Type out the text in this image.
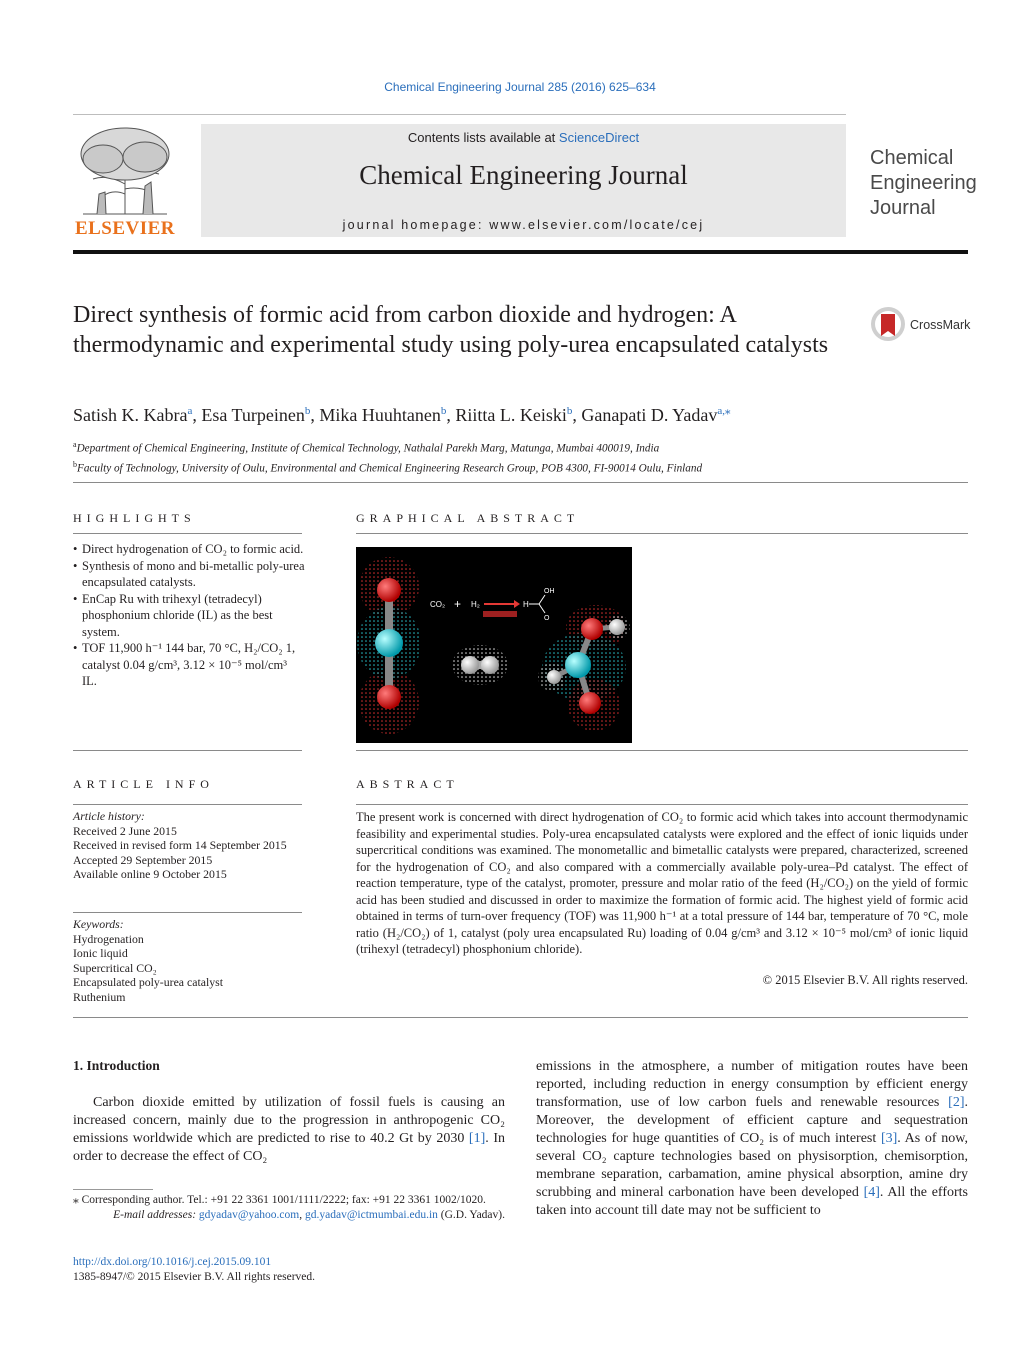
Chemical Engineering Journal 285 (2016) 625–634
ELSEVIER
Contents lists available at ScienceDirect
Chemical Engineering Journal
journal homepage: www.elsevier.com/locate/cej
Chemical
Engineering
Journal
Direct synthesis of formic acid from carbon dioxide and hydrogen: A thermodynamic and experimental study using poly-urea encapsulated catalysts
CrossMark
Satish K. Kabra$^a$, Esa Turpeinen$^b$, Mika Huuhtanen$^b$, Riitta L. Keiski$^b$, Ganapati D. Yadav$^{a,⁎}$
$^a$Department of Chemical Engineering, Institute of Chemical Technology, Nathalal Parekh Marg, Matunga, Mumbai 400019, India
$^b$Faculty of Technology, University of Oulu, Environmental and Chemical Engineering Research Group, POB 4300, FI-90014 Oulu, Finland
HIGHLIGHTS
• Direct hydrogenation of CO₂ to formic acid.
• Synthesis of mono and bi-metallic poly-urea encapsulated catalysts.
• EnCap Ru with trihexyl (tetradecyl) phosphonium chloride (IL) as the best system.
• TOF 11,900 h⁻¹ 144 bar, 70 °C, H₂/CO₂ 1, catalyst 0.04 g/cm³, 3.12 × 10⁻⁵ mol/cm³ IL.
GRAPHICAL ABSTRACT
CO₂ + H₂	H
OH
O
ARTICLE INFO
Article history:
Received 2 June 2015
Received in revised form 14 September 2015
Accepted 29 September 2015
Available online 9 October 2015
Keywords:
Hydrogenation
Ionic liquid
Supercritical CO₂
Encapsulated poly-urea catalyst
Ruthenium
ABSTRACT
The present work is concerned with direct hydrogenation of CO₂ to formic acid which takes into account thermodynamic feasibility and experimental studies. Poly-urea encapsulated catalysts were explored and the effect of ionic liquids under supercritical conditions was examined. The monometallic and bimetallic catalysts were prepared, characterized, screened for the hydrogenation of CO₂ and also compared with a commercially available poly-urea–Pd catalyst. The effect of reaction temperature, type of the catalyst, promoter, pressure and molar ratio of the feed (H₂/CO₂) on the yield of formic acid has been studied and discussed in order to maximize the formation of formic acid. The highest yield of formic acid obtained in terms of turn-over frequency (TOF) was 11,900 h⁻¹ at a total pressure of 144 bar, temperature of 70 °C, mole ratio (H₂/CO₂) of 1, catalyst (poly urea encapsulated Ru) loading of 0.04 g/cm³ and 3.12 × 10⁻⁵ mol/cm³ of ionic liquid (trihexyl (tetradecyl) phosphonium chloride).
© 2015 Elsevier B.V. All rights reserved.
1. Introduction

Carbon dioxide emitted by utilization of fossil fuels is causing an increased concern, mainly due to the progression in anthropogenic CO₂ emissions worldwide which are predicted to rise to 40.2 Gt by 2030 [1]. In order to decrease the effect of CO₂

emissions in the atmosphere, a number of mitigation routes have been reported, including reduction in energy consumption by efficient energy transformation, use of low carbon fuels and renewable resources [2]. Moreover, the development of efficient capture and sequestration technologies for huge quantities of CO₂ is of much interest [3]. As of now, several CO₂ capture technologies based on physisorption, chemisorption, membrane separation, carbamation, amine physical absorption, amine dry scrubbing and mineral carbonation have been developed [4]. All the efforts taken into account till date may not be sufficient to
⁎ Corresponding author. Tel.: +91 22 3361 1001/1111/2222; fax: +91 22 3361 1002/1020.
E-mail addresses: gdyadav@yahoo.com, gd.yadav@ictmumbai.edu.in (G.D. Yadav).
http://dx.doi.org/10.1016/j.cej.2015.09.101
1385-8947/© 2015 Elsevier B.V. All rights reserved.
